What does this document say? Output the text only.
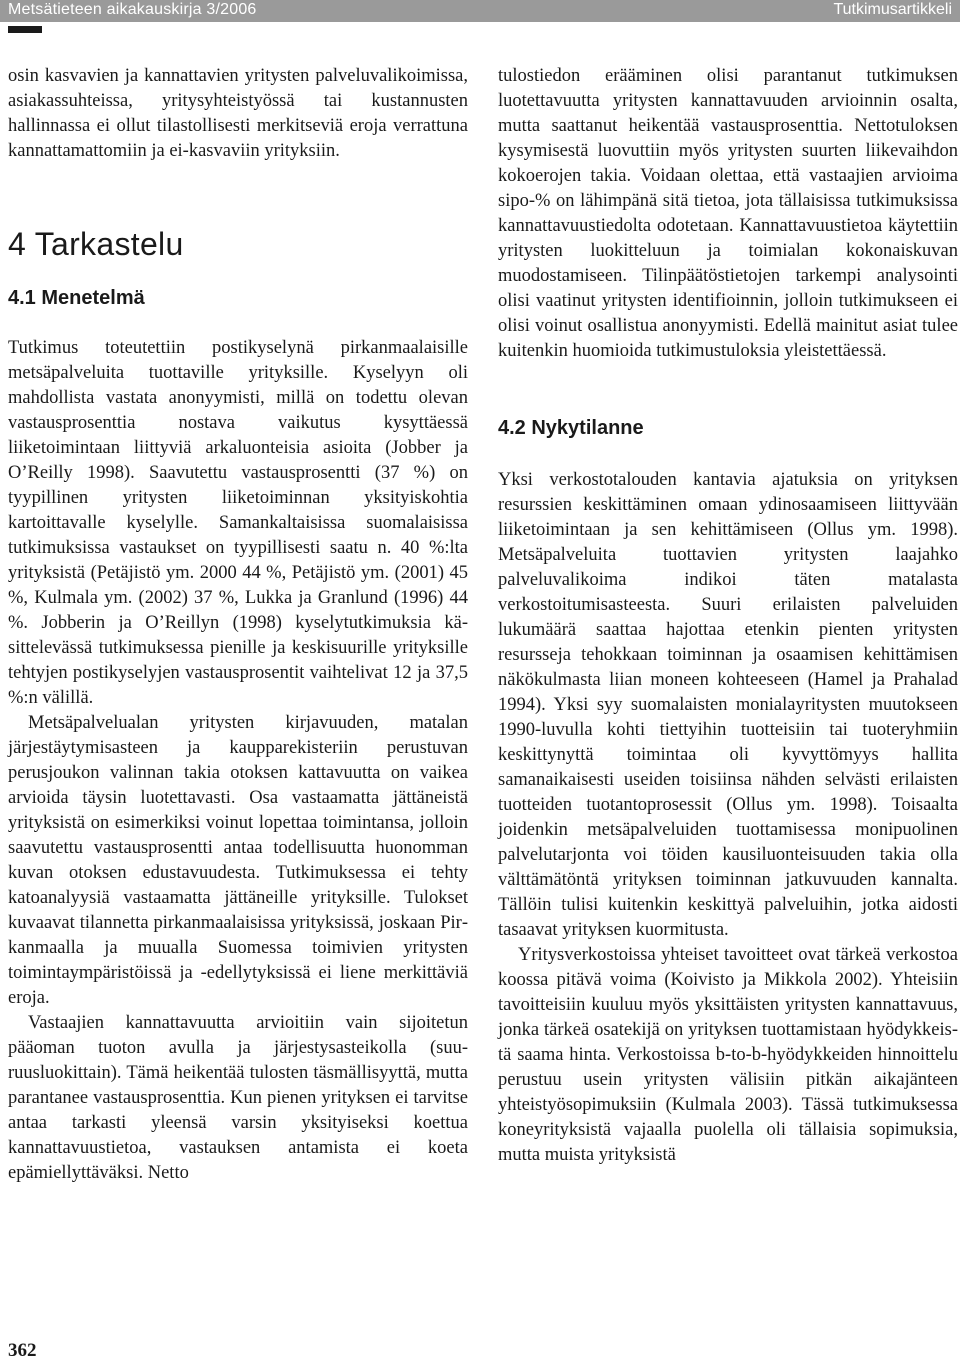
Metsätieteen aikakauskirja 3/2006	Tutkimusartikkeli

osin kasvavien ja kannattavien yritysten palveluvalikoimissa, asiakassuhteissa, yritysyhteistyössä tai kustannusten hallinnassa ei ollut tilastollisesti merkitseviä eroja verrattuna kannattamattomiin ja ei-kasvaviin yrityksiin.

4 Tarkastelu
4.1 Menetelmä

Tutkimus toteutettiin postikyselynä pirkanmaalaisille metsäpalveluita tuottaville yrityksille. Kyselyyn oli mahdollista vastata anonyymisti, millä on todettu olevan vastausprosenttia nostava vaikutus kysyttäessä liiketoimintaan liittyviä arkaluonteisia asioita (Jobber ja O’Reilly 1998). Saavutettu vastausprosentti (37 %) on tyypillinen yritysten liiketoiminnan yksityiskohtia kartoittavalle kyselylle. Samankaltaisissa suomalaisissa tutkimuksissa vastaukset on tyypillisesti saatu n. 40 %:lta yrityksistä (Petäjistö ym. 2000 44 %, Petäjistö ym. (2001) 45 %, Kulmala ym. (2002) 37 %, Lukka ja Granlund (1996) 44 %. Jobberin ja O’Reillyn (1998) kyselytutkimuksia käsittelevässä tutkimuksessa pienille ja keskisuurille yrityksille tehtyjen postikyselyjen vastausprosentit vaihtelivat 12 ja 37,5 %:n välillä.

Metsäpalvelualan yritysten kirjavuuden, matalan järjestäytymisasteen ja kaupparekisteriin perustuvan perusjoukon valinnan takia otoksen kattavuutta on vaikea arvioida täysin luotettavasti. Osa vastaamatta jättäneistä yrityksistä on esimerkiksi voinut lopettaa toimintansa, jolloin saavutettu vastausprosentti antaa todellisuutta huonomman kuvan otoksen edustavuudesta. Tutkimuksessa ei tehty katoanalyysiä vastaamatta jättäneille yrityksille. Tulokset kuvaavat tilannetta pirkanmaalaisissa yrityksissä, joskaan Pirkanmaalla ja muualla Suomessa toimivien yritysten toimintaympäristöissä ja -edellytyksissä ei liene merkittäviä eroja.

Vastaajien kannattavuutta arvioitiin vain sijoitetun pääoman tuoton avulla ja järjestysasteikolla (suuruusluokittain). Tämä heikentää tulosten täsmällisyyttä, mutta parantanee vastausprosenttia. Kun pienen yrityksen ei tarvitse antaa tarkasti yleensä varsin yksityiseksi koettua kannattavuustietoa, vastauksen antamista ei koeta epämiellyttäväksi. Netto

tulostiedon erääminen olisi parantanut tutkimuksen luotettavuutta yritysten kannattavuuden arvioinnin osalta, mutta saattanut heikentää vastausprosenttia. Nettotuloksen kysymisestä luovuttiin myös yritysten suurten liikevaihdon kokoerojen takia. Voidaan olettaa, että vastaajien arvioima sipo-% on lähimpänä sitä tietoa, jota tällaisissa tutkimuksissa kannattavuustiedolta odotetaan. Kannattavuustietoa käytettiin yritysten luokitteluun ja toimialan kokonaiskuvan muodostamiseen. Tilinpäätöstietojen tarkempi analysointi olisi vaatinut yritysten identifioinnin, jolloin tutkimukseen ei olisi voinut osallistua anonyymisti. Edellä mainitut asiat tulee kuitenkin huomioida tutkimustuloksia yleistettäessä.

4.2 Nykytilanne

Yksi verkostotalouden kantavia ajatuksia on yrityksen resurssien keskittäminen omaan ydinosaamiseen liittyvään liiketoimintaan ja sen kehittämiseen (Ollus ym. 1998). Metsäpalveluita tuottavien yritysten laajahko palveluvalikoima indikoi täten matalasta verkostoitumisasteesta. Suuri erilaisten palveluiden lukumäärä saattaa hajottaa etenkin pienten yritysten resursseja tehokkaan toiminnan ja osaamisen kehittämisen näkökulmasta liian moneen kohteeseen (Hamel ja Prahalad 1994). Yksi syy suomalaisten monialayritysten muutokseen 1990-luvulla kohti tiettyihin tuotteisiin tai tuoteryhmiin keskittynyttä toimintaa oli kyvyttömyys hallita samanaikaisesti useiden toisiinsa nähden selvästi erilaisten tuotteiden tuotantoprosessit (Ollus ym. 1998). Toisaalta joidenkin metsäpalveluiden tuottamisessa monipuolinen palvelutarjonta voi töiden kausiluonteisuuden takia olla välttämätöntä yrityksen toiminnan jatkuvuuden kannalta. Tällöin tulisi kuitenkin keskittyä palveluihin, jotka aidosti tasaavat yrityksen kuormitusta.

Yritysverkostoissa yhteiset tavoitteet ovat tärkeä verkostoa koossa pitävä voima (Koivisto ja Mikkola 2002). Yhteisiin tavoitteisiin kuuluu myös yksittäisten yritysten kannattavuus, jonka tärkeä osatekijä on yrityksen tuottamistaan hyödykkeistä saama hinta. Verkostoissa b-to-b-hyödykkeiden hinnoittelu perustuu usein yritysten välisiin pitkän aikajänteen yhteistyösopimuksiin (Kulmala 2003). Tässä tutkimuksessa koneyrityksistä vajaalla puolella oli tällaisia sopimuksia, mutta muista yrityksistä

362
